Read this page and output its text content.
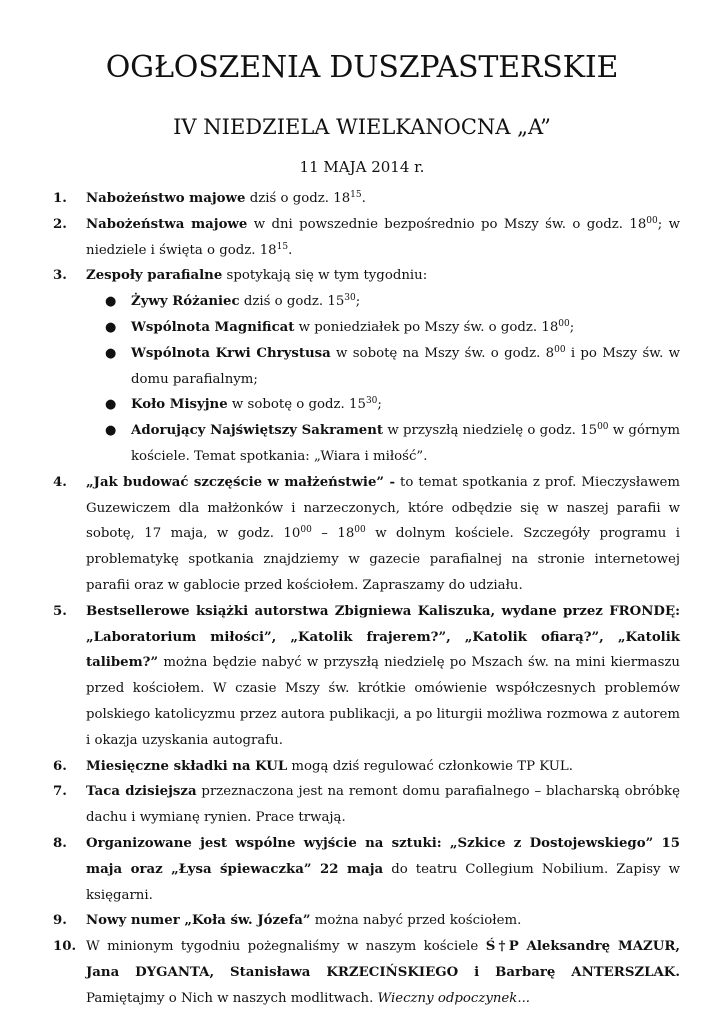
OGŁOSZENIA DUSZPASTERSKIE
IV NIEDZIELA WIELKANOCNA „A”
11 MAJA 2014 r.
1. Nabożeństwo majowe dziś o godz. $18^{15}$.
2. Nabożeństwa majowe w dni powszednie bezpośrednio po Mszy św. o godz. $18^{00}$; w niedziele i święta o godz. $18^{15}$.
3. Zespoły parafialne spotykają się w tym tygodniu:
● Żywy Różaniec dziś o godz. $15^{30}$;
● Wspólnota Magnificat w poniedziałek po Mszy św. o godz. $18^{00}$;
● Wspólnota Krwi Chrystusa w sobotę na Mszy św. o godz. $8^{00}$ i po Mszy św. w domu parafialnym;
● Koło Misyjne w sobotę o godz. $15^{30}$;
● Adorujący Najświętszy Sakrament w przyszłą niedzielę o godz. $15^{00}$ w górnym kościele. Temat spotkania: „Wiara i miłość”.
4. „Jak budować szczęście w małżeństwie” - to temat spotkania z prof. Mieczysławem Guzewiczem dla małżonków i narzeczonych, które odbędzie się w naszej parafii w sobotę, 17 maja, w godz. $10^{00} - 18^{00}$ w dolnym kościele. Szczegóły programu i problematykę spotkania znajdziemy w gazecie parafialnej na stronie internetowej parafii oraz w gablocie przed kościołem. Zapraszamy do udziału.
5. Bestsellerowe książki autorstwa Zbigniewa Kaliszuka, wydane przez FRONDĘ: „Laboratorium miłości”, „Katolik frajerem?”, „Katolik ofiarą?”, „Katolik talibem?” można będzie nabyć w przyszłą niedzielę po Mszach św. na mini kiermaszu przed kościołem. W czasie Mszy św. krótkie omówienie współczesnych problemów polskiego katolicyzmu przez autora publikacji, a po liturgii możliwa rozmowa z autorem i okazja uzyskania autografu.
6. Miesięczne składki na KUL mogą dziś regulować członkowie TP KUL.
7. Taca dzisiejsza przeznaczona jest na remont domu parafialnego – blacharską obróbkę dachu i wymianę rynien. Prace trwają.
8. Organizowane jest wspólne wyjście na sztuki: „Szkice z Dostojewskiego” 15 maja oraz „Łysa śpiewaczka” 22 maja do teatru Collegium Nobilium. Zapisy w księgarni.
9. Nowy numer „Koła św. Józefa” można nabyć przed kościołem.
10. W minionym tygodniu pożegnaliśmy w naszym kościele Ś†P Aleksandrę MAZUR, Jana DYGANTA, Stanisława KRZECIŃSKIEGO i Barbarę ANTERSZLAK. Pamiętajmy o Nich w naszych modlitwach. Wieczny odpoczynek...
